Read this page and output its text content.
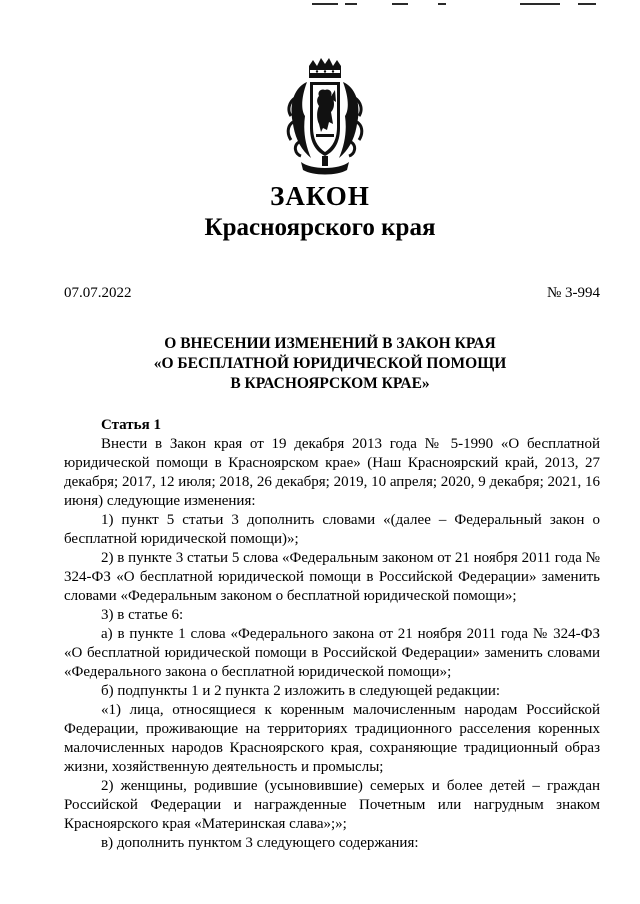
ЗАКОН
Красноярского края
07.07.2022	№ 3-994
О ВНЕСЕНИИ ИЗМЕНЕНИЙ В ЗАКОН КРАЯ
«О БЕСПЛАТНОЙ ЮРИДИЧЕСКОЙ ПОМОЩИ
В КРАСНОЯРСКОМ КРАЕ»

Статья 1

Внести в Закон края от 19 декабря 2013 года № 5-1990 «О бесплатной юридической помощи в Красноярском крае» (Наш Красноярский край, 2013, 27 декабря; 2017, 12 июля; 2018, 26 декабря; 2019, 10 апреля; 2020, 9 декабря; 2021, 16 июня) следующие изменения:

1) пункт 5 статьи 3 дополнить словами «(далее – Федеральный закон о бесплатной юридической помощи)»;

2) в пункте 3 статьи 5 слова «Федеральным законом от 21 ноября 2011 года № 324-ФЗ «О бесплатной юридической помощи в Российской Федерации» заменить словами «Федеральным законом о бесплатной юридической помощи»;

3) в статье 6:

а) в пункте 1 слова «Федерального закона от 21 ноября 2011 года № 324-ФЗ «О бесплатной юридической помощи в Российской Федерации» заменить словами «Федерального закона о бесплатной юридической помощи»;

б) подпункты 1 и 2 пункта 2 изложить в следующей редакции:

«1) лица, относящиеся к коренным малочисленным народам Российской Федерации, проживающие на территориях традиционного расселения коренных малочисленных народов Красноярского края, сохраняющие традиционный образ жизни, хозяйственную деятельность и промыслы;

2) женщины, родившие (усыновившие) семерых и более детей – граждан Российской Федерации и награжденные Почетным или нагрудным знаком Красноярского края «Материнская слава»;»;

в) дополнить пунктом 3 следующего содержания:
